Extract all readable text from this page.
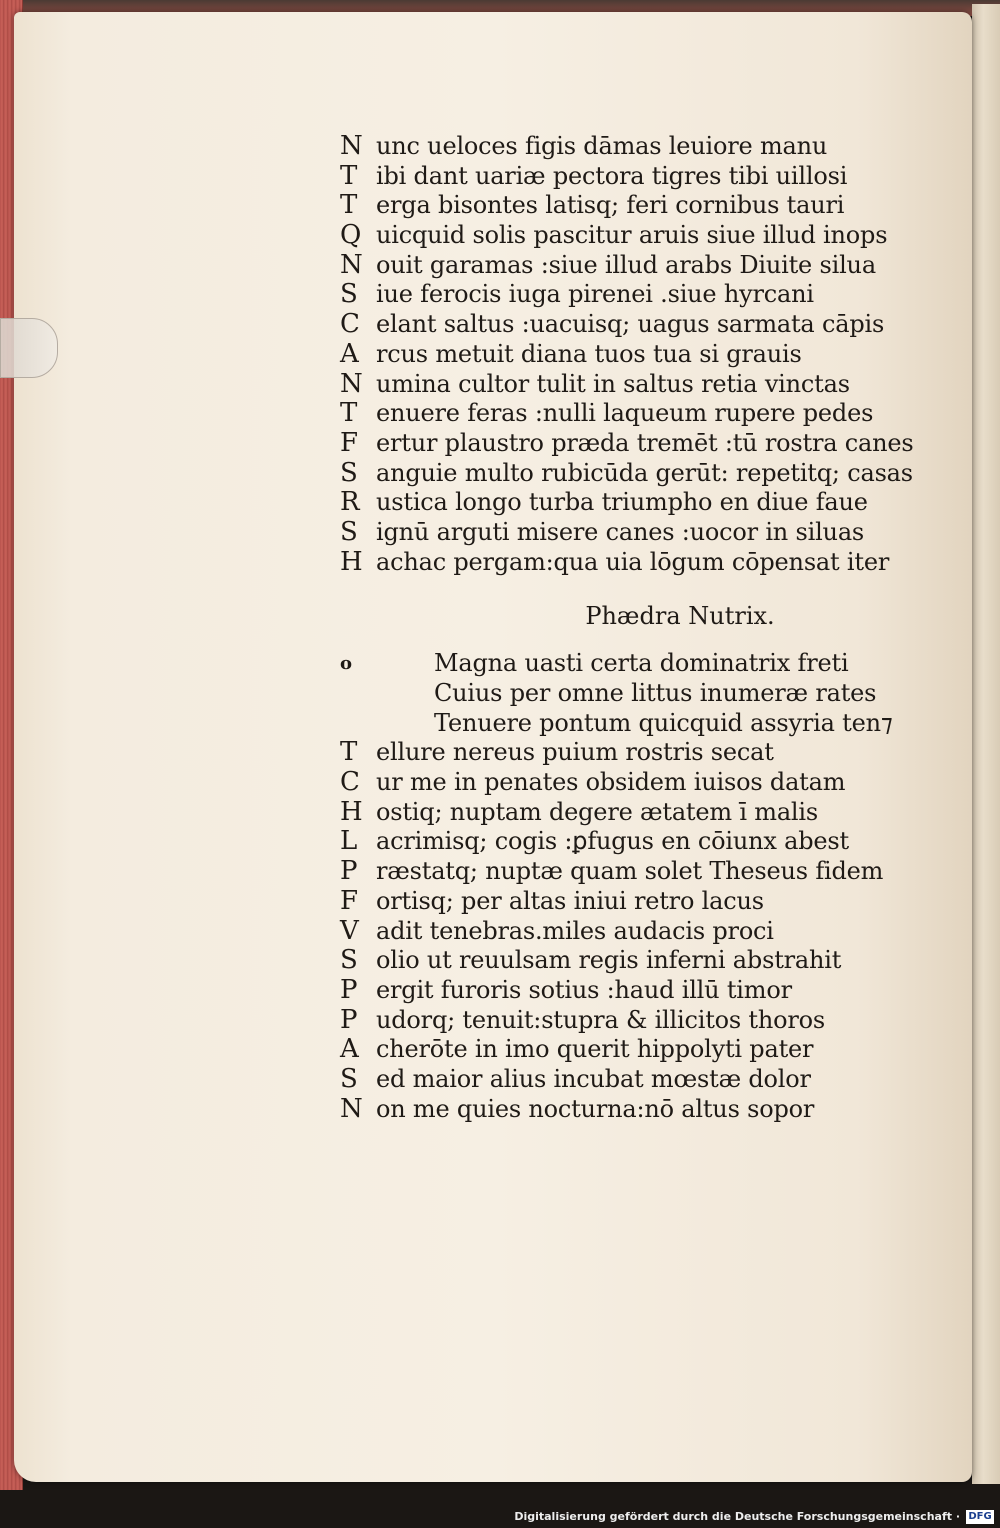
N unc ueloces figis dāmas leuiore manu
T ibi dant uariæ pectora tigres tibi uillosi
T erga bisontes latisq; feri cornibus tauri
Q uicquid solis pascitur aruis siue illud inops
N ouit garamas :siue illud arabs Diuite silua
S iue ferocis iuga pirenei .siue hyrcani
C elant saltus :uacuisq; uagus sarmata cāpis
A rcus metuit diana tuos tua si grauis
N umina cultor tulit in saltus retia vinctas
T enuere feras :nulli laqueum rupere pedes
F ertur plaustro præda tremēt :tū rostra canes
S anguie multo rubicūda gerūt: repetitq; casas
R ustica longo turba triumpho en diue faue
S ignū arguti misere canes :uocor in siluas
H achac pergam:qua uia lōgum cōpensat iter
Phædra Nutrix.
o	Magna uasti certa dominatrix freti
Cuius per omne littus inumeræ rates
Tenuere pontum quicquid assyria ten⁊
T ellure nereus puium rostris secat
C ur me in penates obsidem iuisos datam
H ostiq; nuptam degere ætatem ī malis
L acrimisq; cogis :ꝑfugus en cōiunx abest
P ræstatq; nuptæ quam solet Theseus fidem
F ortisq; per altas iniui retro lacus
V adit tenebras.miles audacis proci
S olio ut reuulsam regis inferni abstrahit
P ergit furoris sotius :haud illū timor
P udorq; tenuit:stupra & illicitos thoros
A cherōte in imo querit hippolyti pater
S ed maior alius incubat mœstæ dolor
N on me quies nocturna:nō altus sopor
Digitalisierung gefördert durch die Deutsche Forschungsgemeinschaft · DFG
